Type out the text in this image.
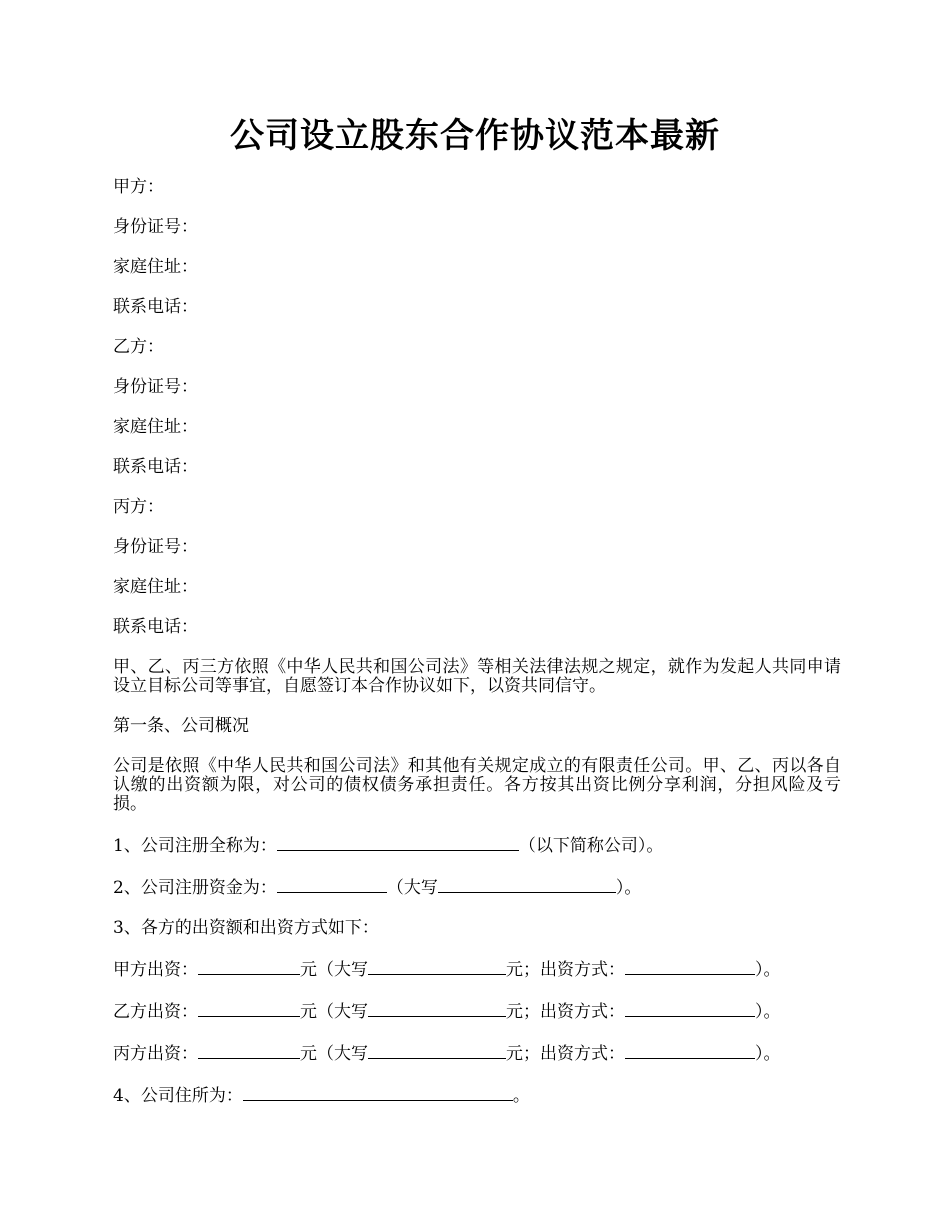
公司设立股东合作协议范本最新

甲方：

身份证号：

家庭住址：

联系电话：

乙方：

身份证号：

家庭住址：

联系电话：

丙方：

身份证号：

家庭住址：

联系电话：

甲、乙、丙三方依照《中华人民共和国公司法》等相关法律法规之规定，就作为发起人共同申请设立目标公司等事宜，自愿签订本合作协议如下，以资共同信守。

第一条、公司概况

公司是依照《中华人民共和国公司法》和其他有关规定成立的有限责任公司。甲、乙、丙以各自认缴的出资额为限，对公司的债权债务承担责任。各方按其出资比例分享利润，分担风险及亏损。

1、公司注册全称为：	（以下简称公司）。

2、公司注册资金为：	（大写	）。

3、各方的出资额和出资方式如下：

甲方出资：	元（大写	元；出资方式：	）。

乙方出资：	元（大写	元；出资方式：	）。

丙方出资：	元（大写	元；出资方式：	）。

4、公司住所为：	。
